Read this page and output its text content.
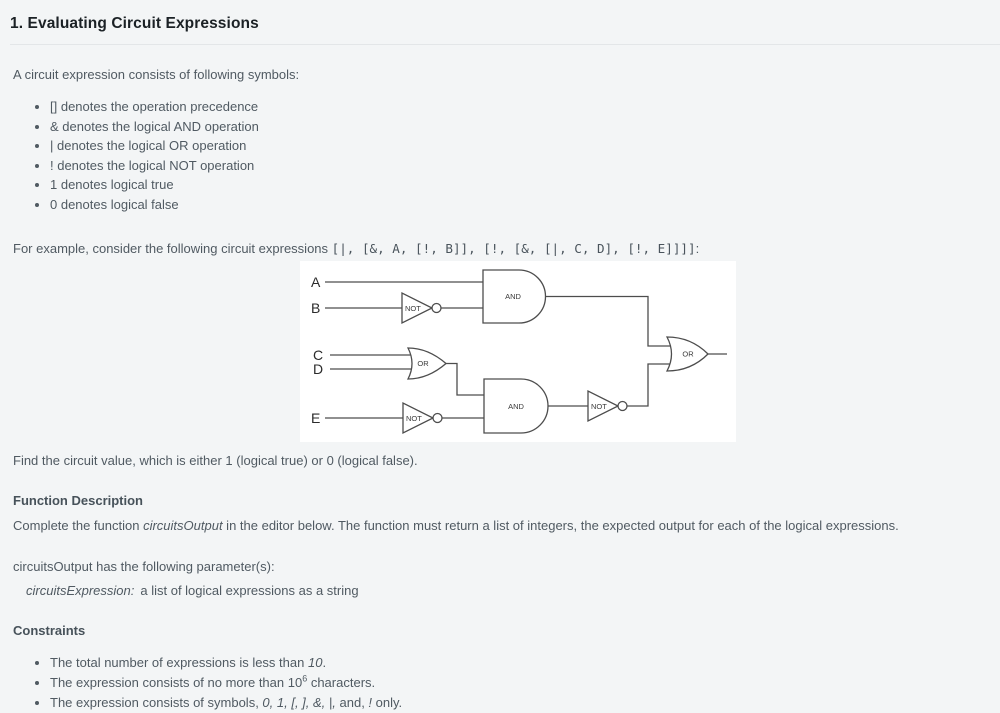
1. Evaluating Circuit Expressions

A circuit expression consists of following symbols:

• [] denotes the operation precedence
• & denotes the logical AND operation
• | denotes the logical OR operation
• ! denotes the logical NOT operation
• 1 denotes logical true
• 0 denotes logical false

For example, consider the following circuit expressions [|, [&, A, [!, B]], [!, [&, [|, C, D], [!, E]]]]:

NOT
AND
OR
NOT
AND	NOT
OR
A
B
C
D
E

Find the circuit value, which is either 1 (logical true) or 0 (logical false).

Function Description

Complete the function circuitsOutput in the editor below. The function must return a list of integers, the expected output for each of the logical expressions.

circuitsOutput has the following parameter(s):

circuitsExpression: a list of logical expressions as a string

Constraints

• The total number of expressions is less than 10.
• The expression consists of no more than $10^6$ characters.
• The expression consists of symbols, 0, 1, [, ], &, |, and, ! only.
